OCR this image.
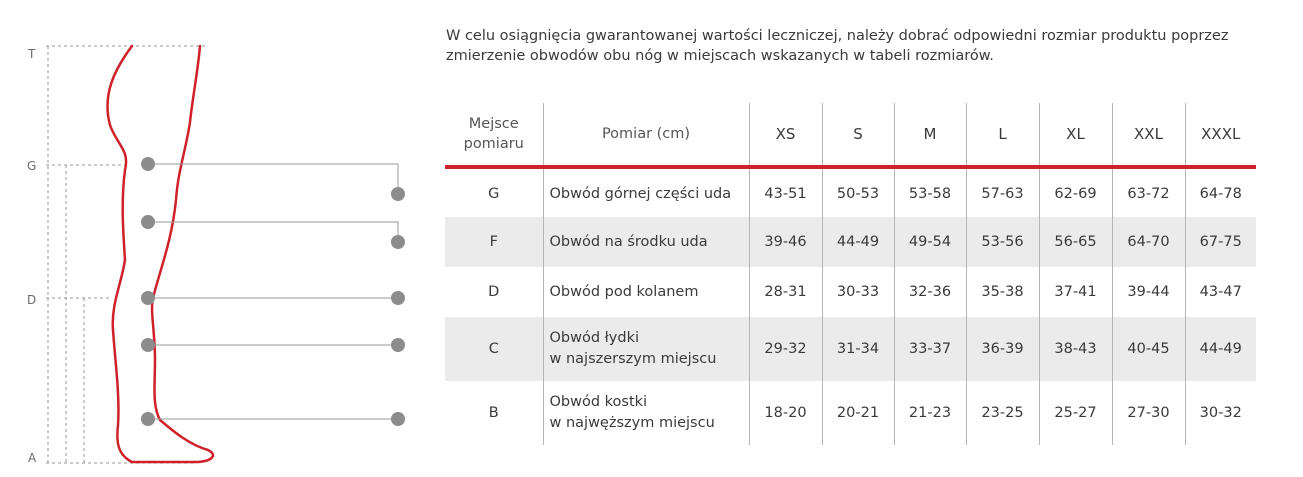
T
G
D
A

W celu osiągnięcia gwarantowanej wartości leczniczej, należy dobrać odpowiedni rozmiar produktu poprzez zmierzenie obwodów obu nóg w miejscach wskazanych w tabeli rozmiarów.

Mejsce
pomiaru	Pomiar (cm)	XS	S	M	L	XL	XXL	XXXL
G	Obwód górnej części uda	43-51	50-53	53-58	57-63	62-69	63-72	64-78
F	Obwód na środku uda	39-46	44-49	49-54	53-56	56-65	64-70	67-75
D	Obwód pod kolanem	28-31	30-33	32-36	35-38	37-41	39-44	43-47
C	Obwód łydki
w najszerszym miejscu	29-32	31-34	33-37	36-39	38-43	40-45	44-49
B	Obwód kostki
w najwęższym miejscu	18-20	20-21	21-23	23-25	25-27	27-30	30-32
